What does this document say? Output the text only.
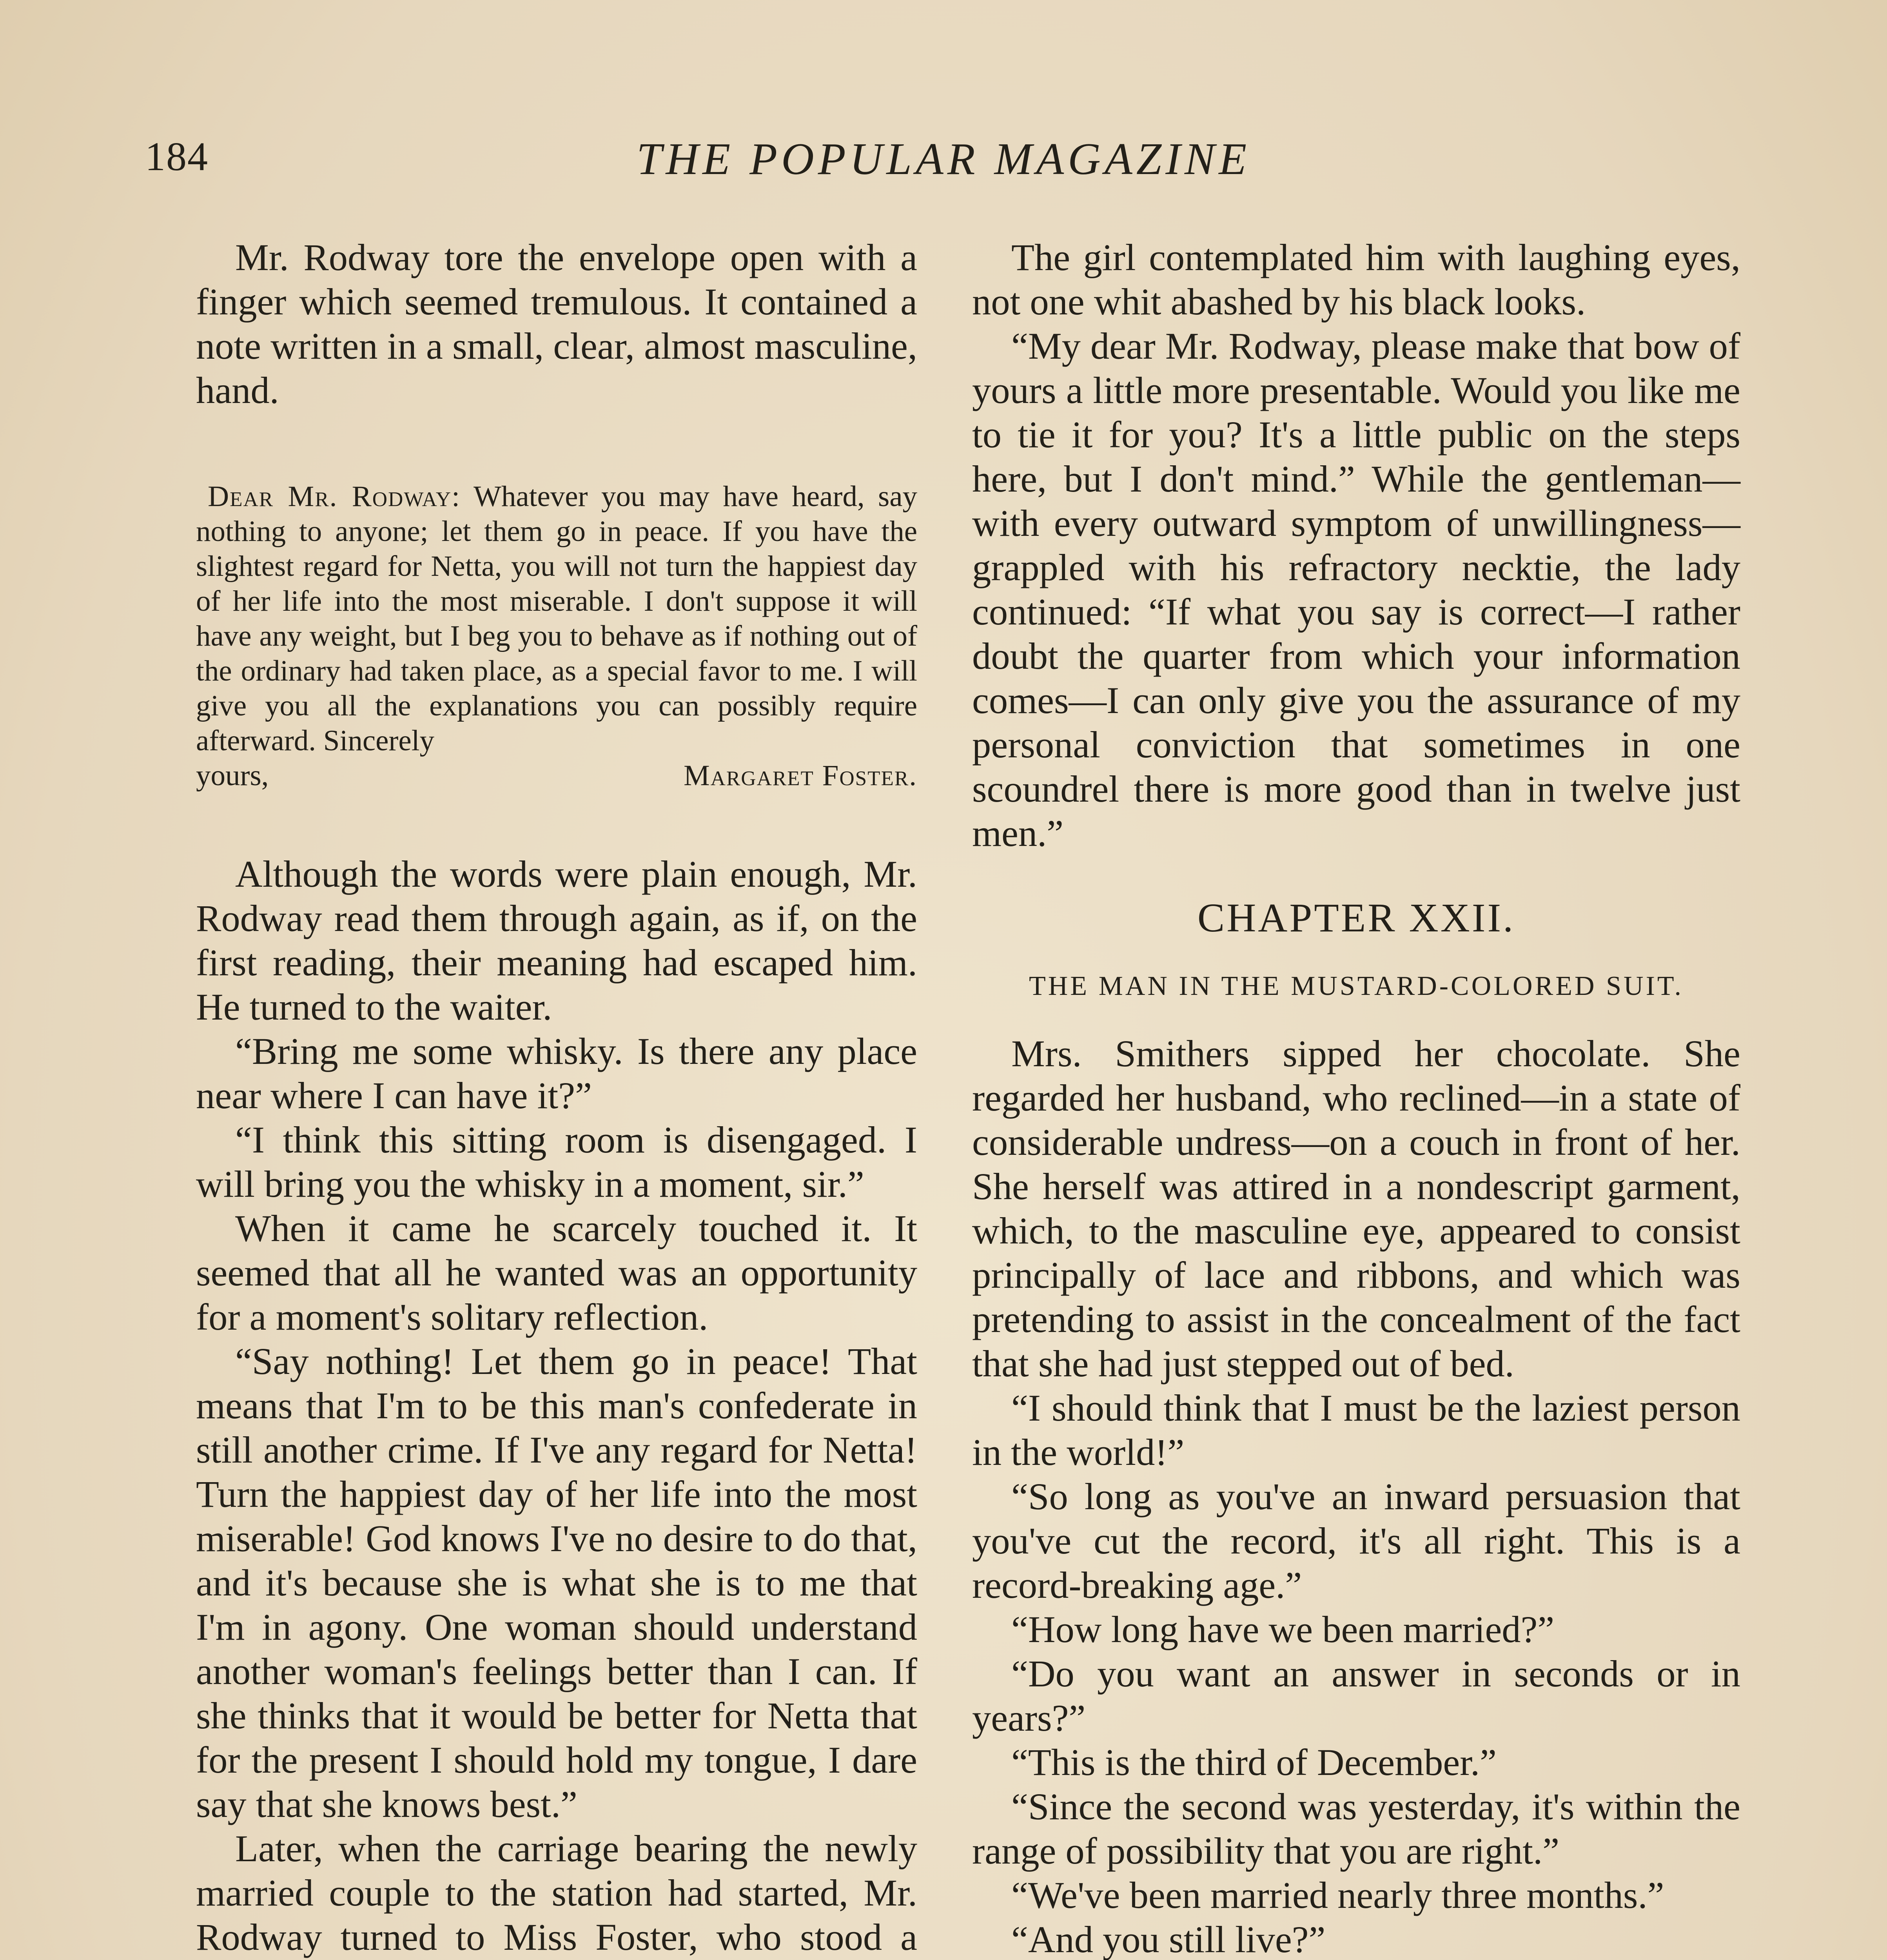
184	THE POPULAR MAGAZINE

Mr. Rodway tore the envelope open with a finger which seemed tremulous. It contained a note written in a small, clear, almost masculine, hand.

Dear Mr. Rodway: Whatever you may have heard, say nothing to anyone; let them go in peace. If you have the slightest regard for Netta, you will not turn the happiest day of her life into the most miserable. I don't suppose it will have any weight, but I beg you to behave as if nothing out of the ordinary had taken place, as a special favor to me. I will give you all the explanations you can possibly require afterward. Sincerely
yours,	Margaret Foster.

Although the words were plain enough, Mr. Rodway read them through again, as if, on the first reading, their meaning had escaped him. He turned to the waiter.

“Bring me some whisky. Is there any place near where I can have it?”

“I think this sitting room is disengaged. I will bring you the whisky in a moment, sir.”

When it came he scarcely touched it. It seemed that all he wanted was an opportunity for a moment's solitary reflection.

“Say nothing! Let them go in peace! That means that I'm to be this man's confederate in still another crime. If I've any regard for Netta! Turn the happiest day of her life into the most miserable! God knows I've no desire to do that, and it's because she is what she is to me that I'm in agony. One woman should understand another woman's feelings better than I can. If she thinks that it would be better for Netta that for the present I should hold my tongue, I dare say that she knows best.”

Later, when the carriage bearing the newly married couple to the station had started, Mr. Rodway turned to Miss Foster, who stood a

The girl contemplated him with laughing eyes, not one whit abashed by his black looks.

“My dear Mr. Rodway, please make that bow of yours a little more presentable. Would you like me to tie it for you? It's a little public on the steps here, but I don't mind.” While the gentleman—with every outward symptom of unwillingness—grappled with his refractory necktie, the lady continued: “If what you say is correct—I rather doubt the quarter from which your information comes—I can only give you the assurance of my personal conviction that sometimes in one scoundrel there is more good than in twelve just men.”

CHAPTER XXII.
THE MAN IN THE MUSTARD-COLORED SUIT.

Mrs. Smithers sipped her chocolate. She regarded her husband, who reclined—in a state of considerable undress—on a couch in front of her. She herself was attired in a nondescript garment, which, to the masculine eye, appeared to consist principally of lace and ribbons, and which was pretending to assist in the concealment of the fact that she had just stepped out of bed.

“I should think that I must be the laziest person in the world!”

“So long as you've an inward persuasion that you've cut the record, it's all right. This is a record-breaking age.”

“How long have we been married?”

“Do you want an answer in seconds or in years?”

“This is the third of December.”

“Since the second was yesterday, it's within the range of possibility that you are right.”

“We've been married nearly three months.”

“And you still live?”
